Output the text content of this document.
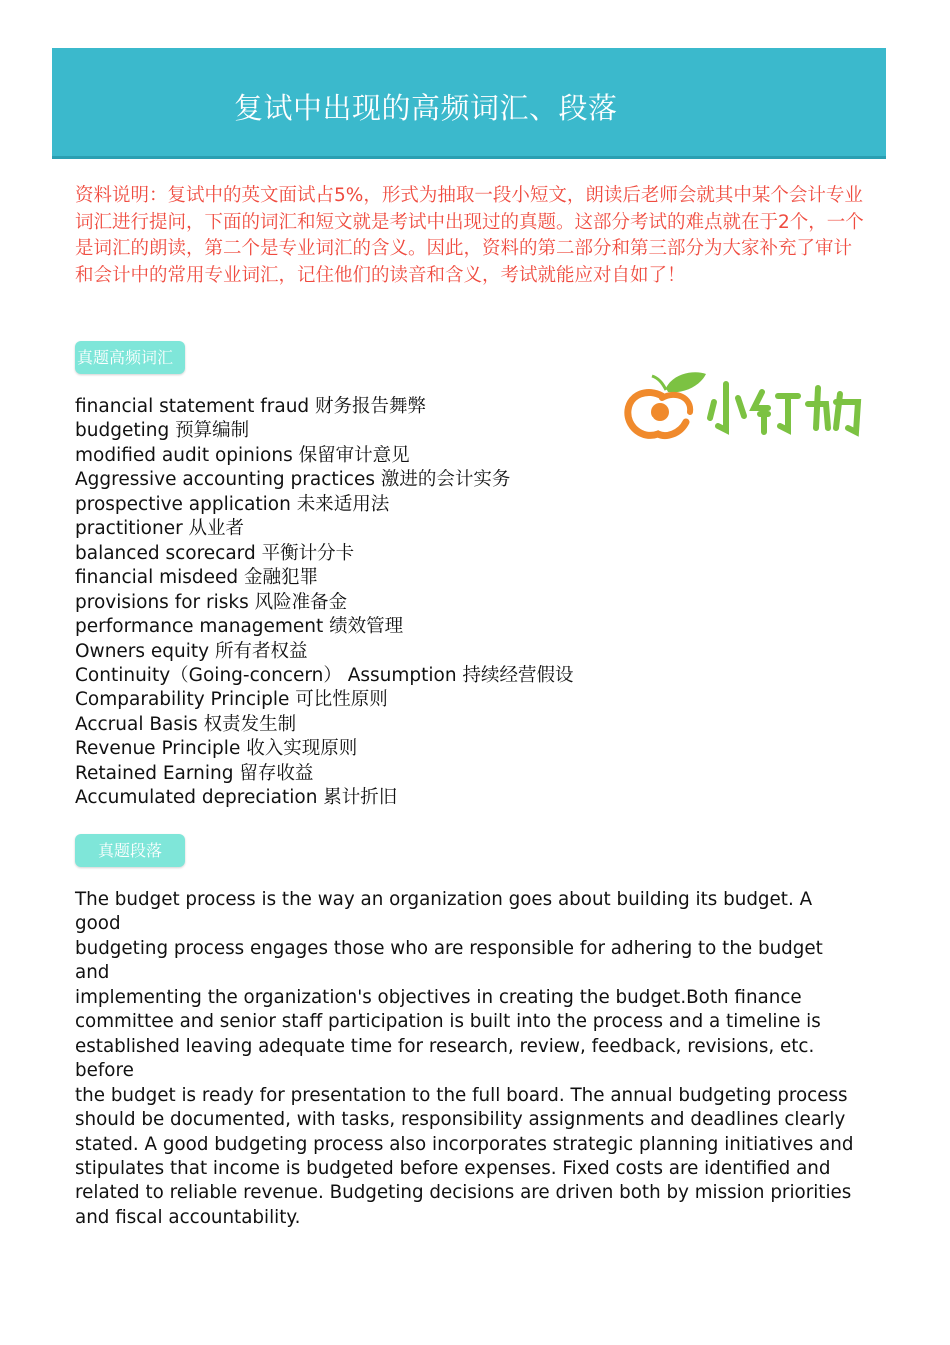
复试中出现的高频词汇、段落
资料说明：复试中的英文面试占5%，形式为抽取一段小短文，朗读后老师会就其中某个会计专业词汇进行提问，下面的词汇和短文就是考试中出现过的真题。这部分考试的难点就在于2个，一个是词汇的朗读，第二个是专业词汇的含义。因此，资料的第二部分和第三部分为大家补充了审计和会计中的常用专业词汇，记住他们的读音和含义，考试就能应对自如了！
真题高频词汇
financial statement fraud 财务报告舞弊
budgeting 预算编制
modified audit opinions 保留审计意见
Aggressive accounting practices 激进的会计实务
prospective application 未来适用法
practitioner 从业者
balanced scorecard 平衡计分卡
financial misdeed 金融犯罪
provisions for risks 风险准备金
performance management 绩效管理
Owners equity 所有者权益
Continuity（Going-concern） Assumption 持续经营假设
Comparability Principle 可比性原则
Accrual Basis 权责发生制
Revenue Principle 收入实现原则
Retained Earning 留存收益
Accumulated depreciation 累计折旧
真题段落
The budget process is the way an organization goes about building its budget. A good
budgeting process engages those who are responsible for adhering to the budget and
implementing the organization's objectives in creating the budget.Both finance
committee and senior staff participation is built into the process and a timeline is
established leaving adequate time for research, review, feedback, revisions, etc. before
the budget is ready for presentation to the full board. The annual budgeting process
should be documented, with tasks, responsibility assignments and deadlines clearly
stated. A good budgeting process also incorporates strategic planning initiatives and
stipulates that income is budgeted before expenses. Fixed costs are identified and
related to reliable revenue. Budgeting decisions are driven both by mission priorities
and fiscal accountability.
